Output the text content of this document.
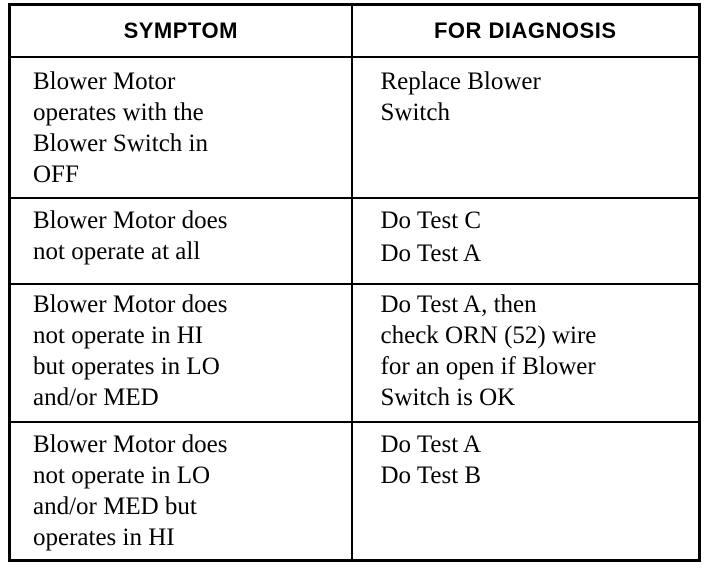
SYMPTOM	FOR DIAGNOSIS

Blower Motor
operates with the
Blower Switch in
OFF	Replace Blower
Switch

Blower Motor does
not operate at all	Do Test C
Do Test A

Blower Motor does
not operate in HI
but operates in LO
and/or MED	Do Test A, then
check ORN (52) wire
for an open if Blower
Switch is OK

Blower Motor does
not operate in LO
and/or MED but
operates in HI	Do Test A
Do Test B
